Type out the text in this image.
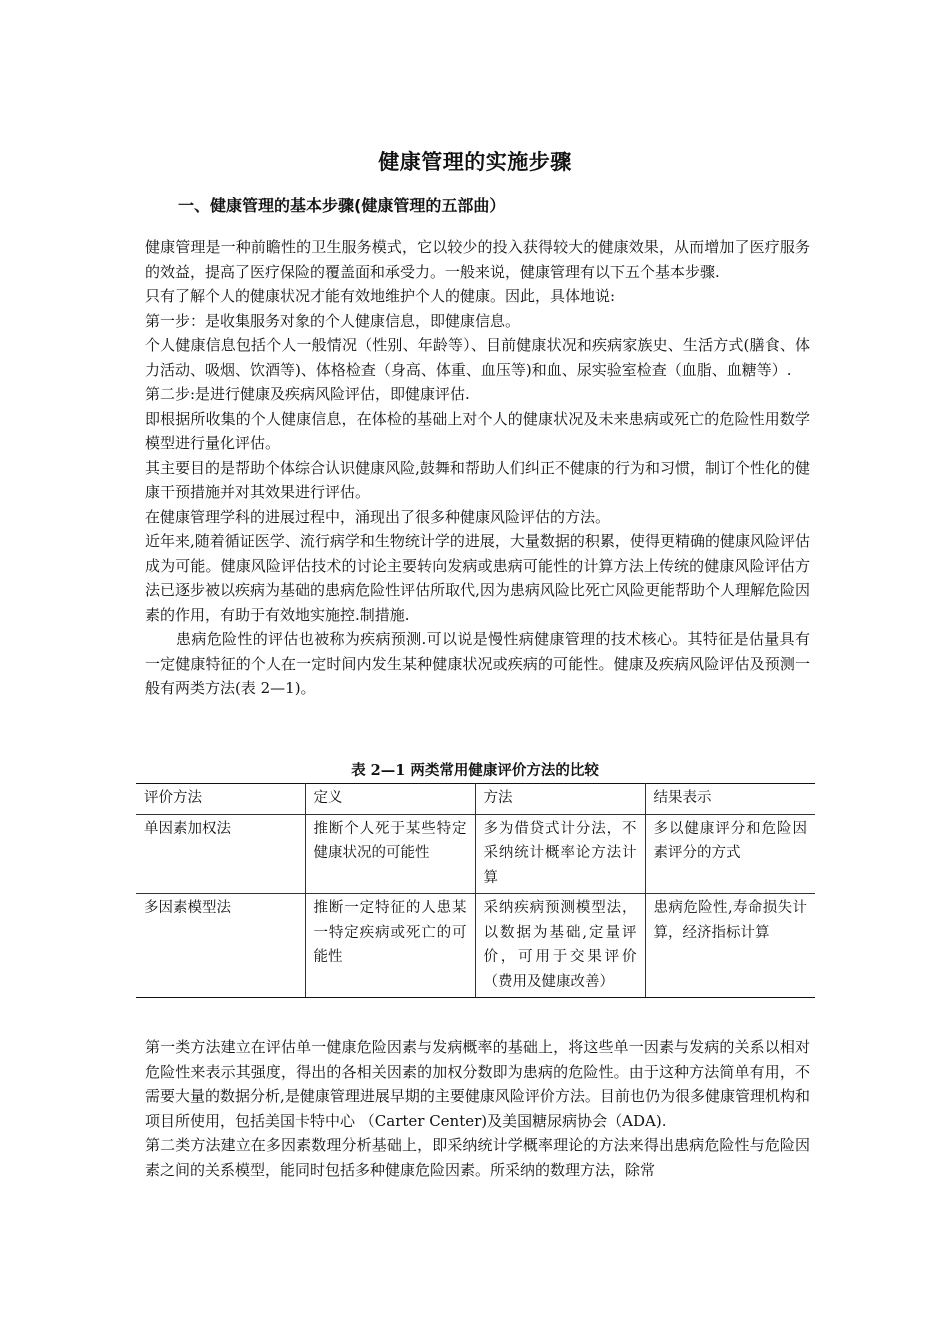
健康管理的实施步骤
一、健康管理的基本步骤(健康管理的五部曲）

健康管理是一种前瞻性的卫生服务模式，它以较少的投入获得较大的健康效果，从而增加了医疗服务的效益，提高了医疗保险的覆盖面和承受力。一般来说，健康管理有以下五个基本步骤.

只有了解个人的健康状况才能有效地维护个人的健康。因此，具体地说:

第一步：是收集服务对象的个人健康信息，即健康信息。

个人健康信息包括个人一般情况（性别、年龄等）、目前健康状况和疾病家族史、生活方式(膳食、体力活动、吸烟、饮酒等)、体格检查（身高、体重、血压等)和血、尿实验室检查（血脂、血糖等）.

第二步:是进行健康及疾病风险评估，即健康评估.

即根据所收集的个人健康信息，在体检的基础上对个人的健康状况及未来患病或死亡的危险性用数学模型进行量化评估。

其主要目的是帮助个体综合认识健康风险,鼓舞和帮助人们纠正不健康的行为和习惯，制订个性化的健康干预措施并对其效果进行评估。

在健康管理学科的进展过程中，涌现出了很多种健康风险评估的方法。

近年来,随着循证医学、流行病学和生物统计学的进展，大量数据的积累，使得更精确的健康风险评估成为可能。健康风险评估技术的讨论主要转向发病或患病可能性的计算方法上传统的健康风险评估方法已逐步被以疾病为基础的患病危险性评估所取代,因为患病风险比死亡风险更能帮助个人理解危险因素的作用，有助于有效地实施控.制措施.

患病危险性的评估也被称为疾病预测.可以说是慢性病健康管理的技术核心。其特征是估量具有一定健康特征的个人在一定时间内发生某种健康状况或疾病的可能性。健康及疾病风险评估及预测一般有两类方法(表 2—1)。

表 2—1 两类常用健康评价方法的比较
评价方法	定义	方法	结果表示
单因素加权法	推断个人死于某些特定健康状况的可能性	多为借贷式计分法，不采纳统计概率论方法计算	多以健康评分和危险因素评分的方式
多因素模型法	推断一定特征的人患某一特定疾病或死亡的可能性	采纳疾病预测模型法，以数据为基础,定量评价，可用于交果评价（费用及健康改善）	患病危险性,寿命损失计算，经济指标计算

第一类方法建立在评估单一健康危险因素与发病概率的基础上，将这些单一因素与发病的关系以相对危险性来表示其强度，得出的各相关因素的加权分数即为患病的危险性。由于这种方法简单有用，不需要大量的数据分析,是健康管理进展早期的主要健康风险评价方法。目前也仍为很多健康管理机构和项目所使用，包括美国卡特中心 （Carter Center)及美国糖尿病协会（ADA).

第二类方法建立在多因素数理分析基础上，即采纳统计学概率理论的方法来得出患病危险性与危险因素之间的关系模型，能同时包括多种健康危险因素。所采纳的数理方法，除常
